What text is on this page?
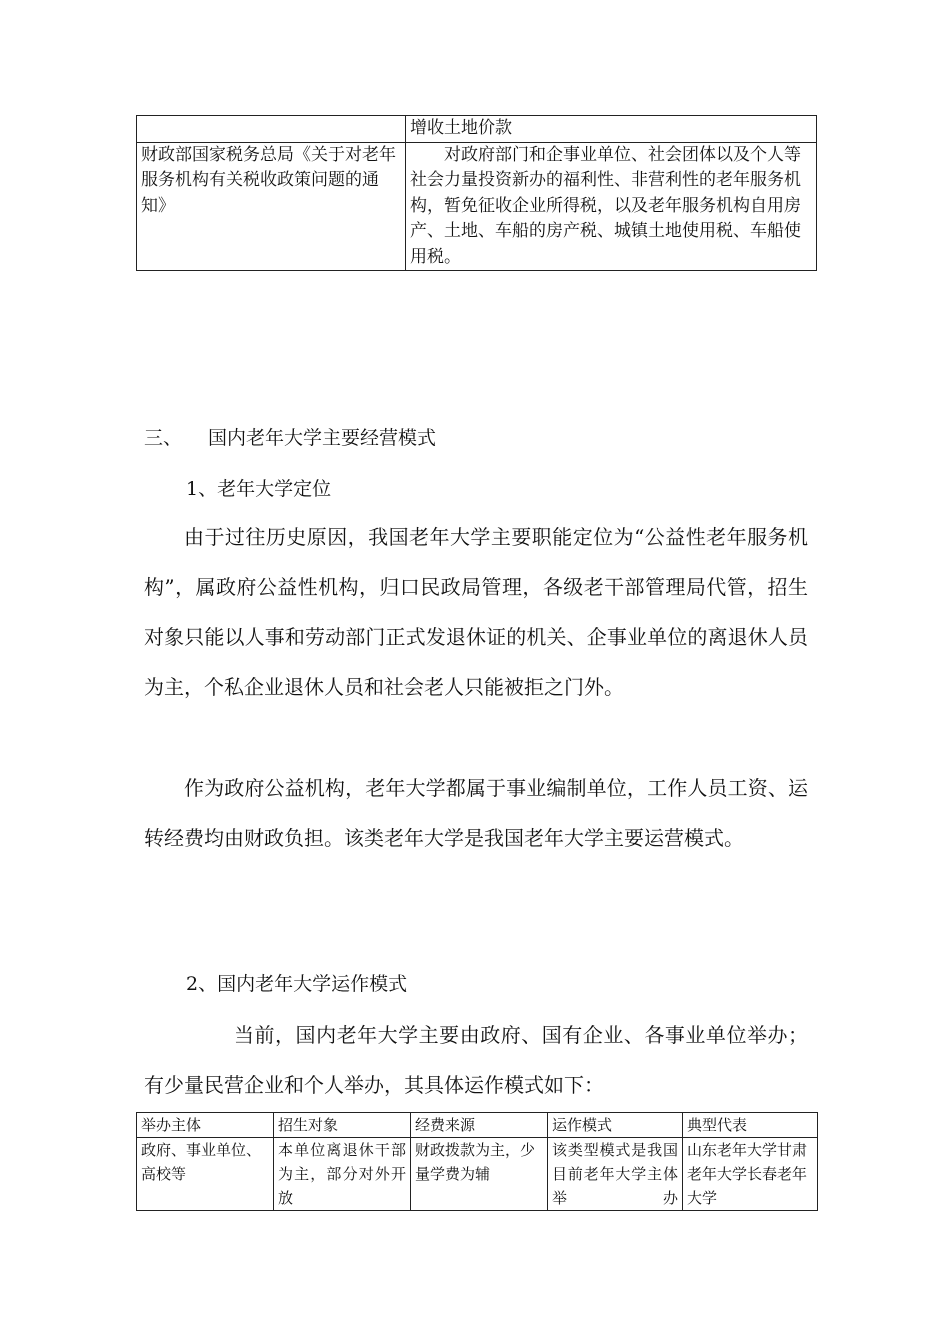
	增收土地价款
财政部国家税务总局《关于对老年服务机构有关税收政策问题的通知》	对政府部门和企事业单位、社会团体以及个人等社会力量投资新办的福利性、非营利性的老年服务机构，暂免征收企业所得税，以及老年服务机构自用房产、土地、车船的房产税、城镇土地使用税、车船使用税。
三、 国内老年大学主要经营模式
1、老年大学定位
由于过往历史原因，我国老年大学主要职能定位为“公益性老年服务机构”，属政府公益性机构，归口民政局管理，各级老干部管理局代管，招生对象只能以人事和劳动部门正式发退休证的机关、企事业单位的离退休人员为主，个私企业退休人员和社会老人只能被拒之门外。
作为政府公益机构，老年大学都属于事业编制单位，工作人员工资、运转经费均由财政负担。该类老年大学是我国老年大学主要运营模式。
2、国内老年大学运作模式
当前，国内老年大学主要由政府、国有企业、各事业单位举办；有少量民营企业和个人举办，其具体运作模式如下：
举办主体	招生对象	经费来源	运作模式	典型代表
政府、事业单位、高校等	本单位离退休干部为主，部分对外开放	财政拨款为主，少量学费为辅	该类型模式是我国目前老年大学主体举办	山东老年大学甘肃老年大学长春老年大学
